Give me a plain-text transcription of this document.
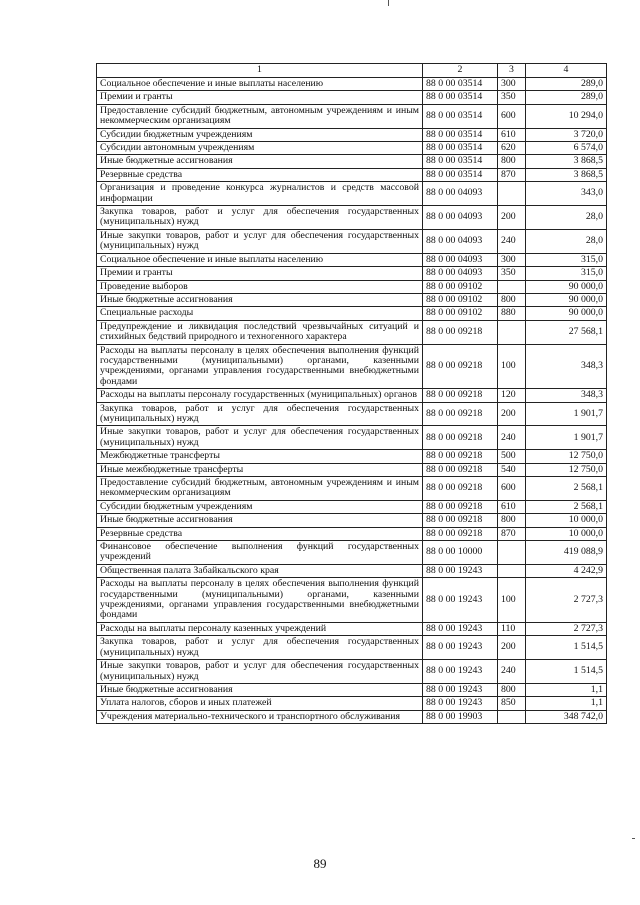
1	2	3	4
Социальное обеспечение и иные выплаты населению	88 0 00 03514	300	289,0
Премии и гранты	88 0 00 03514	350	289,0
Предоставление субсидий бюджетным, автономным учреждениям и иным некоммерческим организациям	88 0 00 03514	600	10 294,0
Субсидии бюджетным учреждениям	88 0 00 03514	610	3 720,0
Субсидии автономным учреждениям	88 0 00 03514	620	6 574,0
Иные бюджетные ассигнования	88 0 00 03514	800	3 868,5
Резервные средства	88 0 00 03514	870	3 868,5
Организация и проведение конкурса журналистов и средств массовой информации	88 0 00 04093		343,0
Закупка товаров, работ и услуг для обеспечения государственных (муниципальных) нужд	88 0 00 04093	200	28,0
Иные закупки товаров, работ и услуг для обеспечения государственных (муниципальных) нужд	88 0 00 04093	240	28,0
Социальное обеспечение и иные выплаты населению	88 0 00 04093	300	315,0
Премии и гранты	88 0 00 04093	350	315,0
Проведение выборов	88 0 00 09102		90 000,0
Иные бюджетные ассигнования	88 0 00 09102	800	90 000,0
Специальные расходы	88 0 00 09102	880	90 000,0
Предупреждение и ликвидация последствий чрезвычайных ситуаций и стихийных бедствий природного и техногенного характера	88 0 00 09218		27 568,1
Расходы на выплаты персоналу в целях обеспечения выполнения функций государственными (муниципальными) органами, казенными учреждениями, органами управления государственными внебюджетными фондами	88 0 00 09218	100	348,3
Расходы на выплаты персоналу государственных (муниципальных) органов	88 0 00 09218	120	348,3
Закупка товаров, работ и услуг для обеспечения государственных (муниципальных) нужд	88 0 00 09218	200	1 901,7
Иные закупки товаров, работ и услуг для обеспечения государственных (муниципальных) нужд	88 0 00 09218	240	1 901,7
Межбюджетные трансферты	88 0 00 09218	500	12 750,0
Иные межбюджетные трансферты	88 0 00 09218	540	12 750,0
Предоставление субсидий бюджетным, автономным учреждениям и иным некоммерческим организациям	88 0 00 09218	600	2 568,1
Субсидии бюджетным учреждениям	88 0 00 09218	610	2 568,1
Иные бюджетные ассигнования	88 0 00 09218	800	10 000,0
Резервные средства	88 0 00 09218	870	10 000,0
Финансовое обеспечение выполнения функций государственных учреждений	88 0 00 10000		419 088,9
Общественная палата Забайкальского края	88 0 00 19243		4 242,9
Расходы на выплаты персоналу в целях обеспечения выполнения функций государственными (муниципальными) органами, казенными учреждениями, органами управления государственными внебюджетными фондами	88 0 00 19243	100	2 727,3
Расходы на выплаты персоналу казенных учреждений	88 0 00 19243	110	2 727,3
Закупка товаров, работ и услуг для обеспечения государственных (муниципальных) нужд	88 0 00 19243	200	1 514,5
Иные закупки товаров, работ и услуг для обеспечения государственных (муниципальных) нужд	88 0 00 19243	240	1 514,5
Иные бюджетные ассигнования	88 0 00 19243	800	1,1
Уплата налогов, сборов и иных платежей	88 0 00 19243	850	1,1
Учреждения материально-технического и транспортного обслуживания	88 0 00 19903		348 742,0
89
